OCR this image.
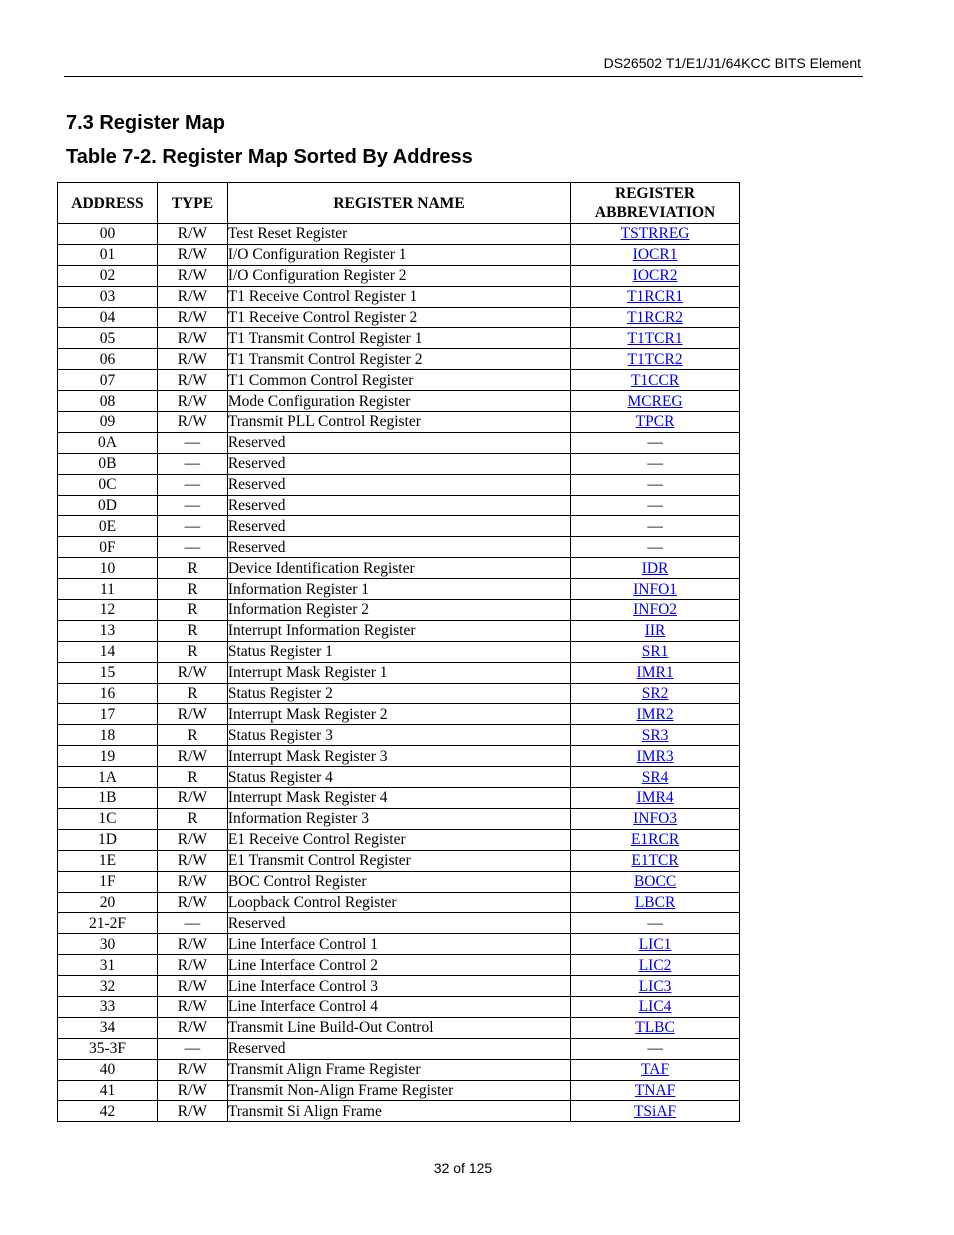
DS26502 T1/E1/J1/64KCC BITS Element
7.3 Register Map
Table 7-2. Register Map Sorted By Address
ADDRESS	TYPE	REGISTER NAME	REGISTER
ABBREVIATION
00	R/W	Test Reset Register	TSTRREG
01	R/W	I/O Configuration Register 1	IOCR1
02	R/W	I/O Configuration Register 2	IOCR2
03	R/W	T1 Receive Control Register 1	T1RCR1
04	R/W	T1 Receive Control Register 2	T1RCR2
05	R/W	T1 Transmit Control Register 1	T1TCR1
06	R/W	T1 Transmit Control Register 2	T1TCR2
07	R/W	T1 Common Control Register	T1CCR
08	R/W	Mode Configuration Register	MCREG
09	R/W	Transmit PLL Control Register	TPCR
0A	—	Reserved	—
0B	—	Reserved	—
0C	—	Reserved	—
0D	—	Reserved	—
0E	—	Reserved	—
0F	—	Reserved	—
10	R	Device Identification Register	IDR
11	R	Information Register 1	INFO1
12	R	Information Register 2	INFO2
13	R	Interrupt Information Register	IIR
14	R	Status Register 1	SR1
15	R/W	Interrupt Mask Register 1	IMR1
16	R	Status Register 2	SR2
17	R/W	Interrupt Mask Register 2	IMR2
18	R	Status Register 3	SR3
19	R/W	Interrupt Mask Register 3	IMR3
1A	R	Status Register 4	SR4
1B	R/W	Interrupt Mask Register 4	IMR4
1C	R	Information Register 3	INFO3
1D	R/W	E1 Receive Control Register	E1RCR
1E	R/W	E1 Transmit Control Register	E1TCR
1F	R/W	BOC Control Register	BOCC
20	R/W	Loopback Control Register	LBCR
21-2F	—	Reserved	—
30	R/W	Line Interface Control 1	LIC1
31	R/W	Line Interface Control 2	LIC2
32	R/W	Line Interface Control 3	LIC3
33	R/W	Line Interface Control 4	LIC4
34	R/W	Transmit Line Build-Out Control	TLBC
35-3F	—	Reserved	—
40	R/W	Transmit Align Frame Register	TAF
41	R/W	Transmit Non-Align Frame Register	TNAF
42	R/W	Transmit Si Align Frame	TSiAF
32 of 125
